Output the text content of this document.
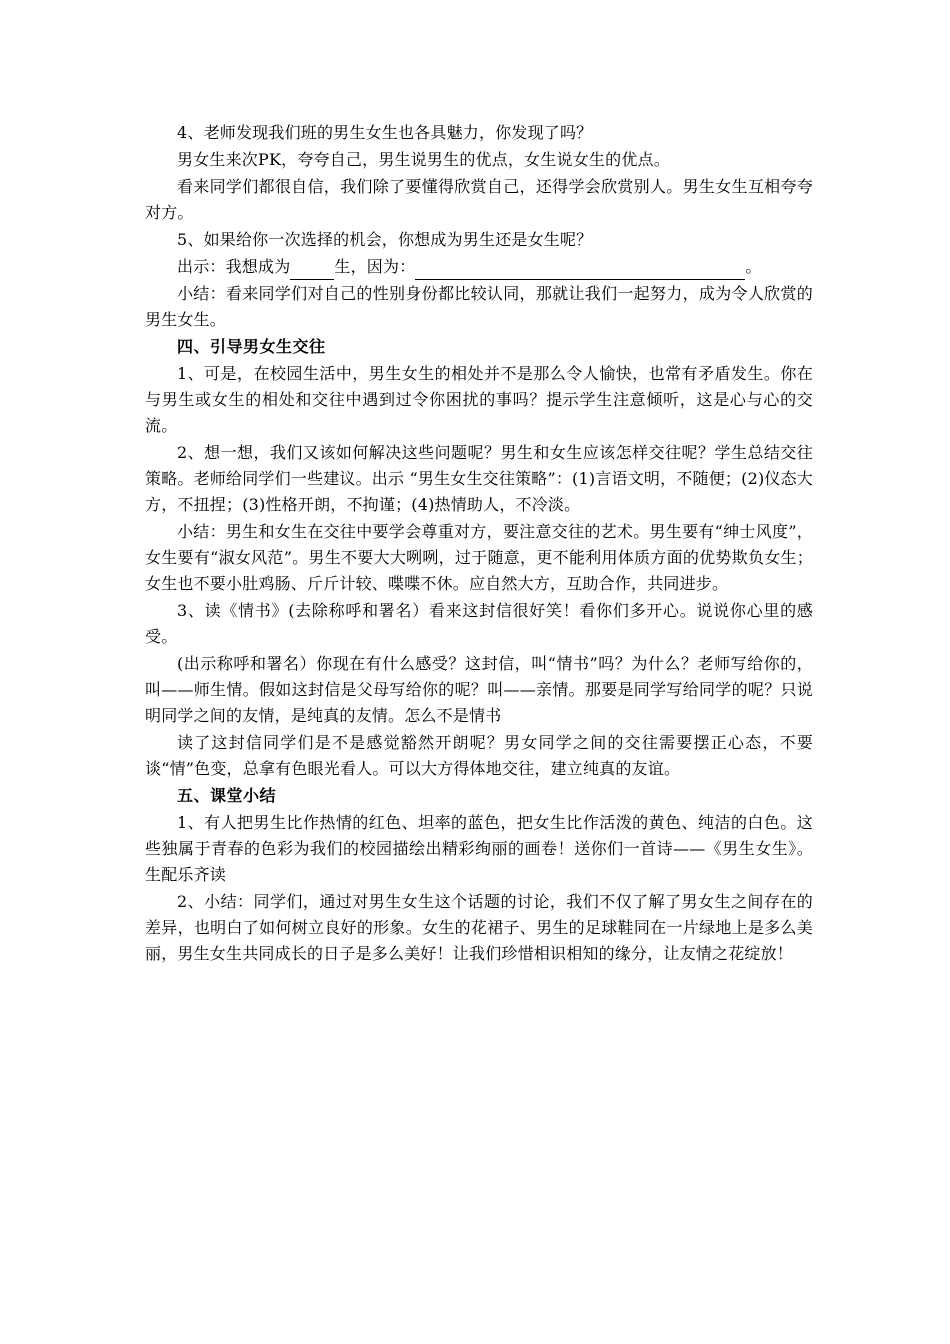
4、老师发现我们班的男生女生也各具魅力，你发现了吗？

男女生来次PK，夸夸自己，男生说男生的优点，女生说女生的优点。

看来同学们都很自信，我们除了要懂得欣赏自己，还得学会欣赏别人。男生女生互相夸夸对方。

5、如果给你一次选择的机会，你想成为男生还是女生呢？

出示：我想成为	生，因为：	。

小结：看来同学们对自己的性别身份都比较认同，那就让我们一起努力，成为令人欣赏的男生女生。

四、引导男女生交往

1、可是，在校园生活中，男生女生的相处并不是那么令人愉快，也常有矛盾发生。你在与男生或女生的相处和交往中遇到过令你困扰的事吗？提示学生注意倾听，这是心与心的交流。

2、想一想，我们又该如何解决这些问题呢？男生和女生应该怎样交往呢？学生总结交往策略。老师给同学们一些建议。出示 “男生女生交往策略”：(1)言语文明，不随便；(2)仪态大方，不扭捏；(3)性格开朗，不拘谨；(4)热情助人，不冷淡。

小结：男生和女生在交往中要学会尊重对方，要注意交往的艺术。男生要有“绅士风度”，女生要有“淑女风范”。男生不要大大咧咧，过于随意，更不能利用体质方面的优势欺负女生；女生也不要小肚鸡肠、斤斤计较、喋喋不休。应自然大方，互助合作，共同进步。

3、读《情书》(去除称呼和署名）看来这封信很好笑！看你们多开心。说说你心里的感受。

(出示称呼和署名）你现在有什么感受？这封信，叫“情书”吗？为什么？老师写给你的，叫——师生情。假如这封信是父母写给你的呢？叫——亲情。那要是同学写给同学的呢？只说明同学之间的友情，是纯真的友情。怎么不是情书

读了这封信同学们是不是感觉豁然开朗呢？男女同学之间的交往需要摆正心态，不要谈“情”色变，总拿有色眼光看人。可以大方得体地交往，建立纯真的友谊。

五、课堂小结

1、有人把男生比作热情的红色、坦率的蓝色，把女生比作活泼的黄色、纯洁的白色。这些独属于青春的色彩为我们的校园描绘出精彩绚丽的画卷！送你们一首诗——《男生女生》。生配乐齐读

2、小结：同学们，通过对男生女生这个话题的讨论，我们不仅了解了男女生之间存在的差异，也明白了如何树立良好的形象。女生的花裙子、男生的足球鞋同在一片绿地上是多么美丽，男生女生共同成长的日子是多么美好！让我们珍惜相识相知的缘分，让友情之花绽放！
